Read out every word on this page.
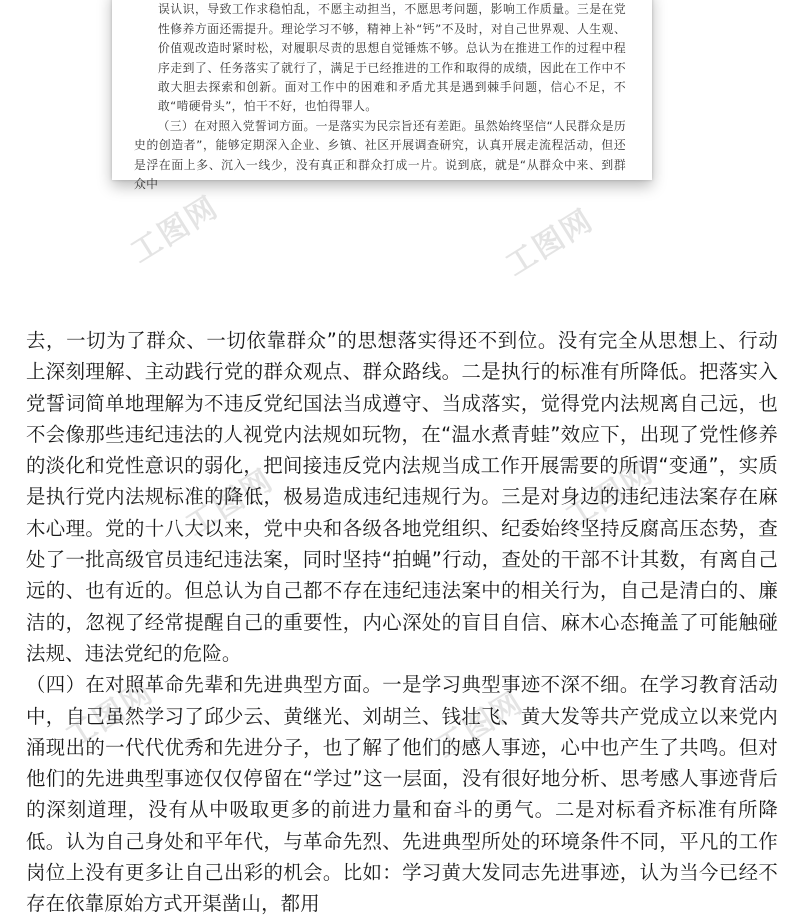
误认识，导致工作求稳怕乱，不愿主动担当，不愿思考问题，影响工作质量。三是在党性修养方面还需提升。理论学习不够，精神上补“钙”不及时，对自己世界观、人生观、价值观改造时紧时松，对履职尽责的思想自觉锤炼不够。总认为在推进工作的过程中程序走到了、任务落实了就行了，满足于已经推进的工作和取得的成绩，因此在工作中不敢大胆去探索和创新。面对工作中的困难和矛盾尤其是遇到棘手问题，信心不足，不敢“啃硬骨头”，怕干不好，也怕得罪人。

（三）在对照入党誓词方面。一是落实为民宗旨还有差距。虽然始终坚信“人民群众是历史的创造者”，能够定期深入企业、乡镇、社区开展调查研究，认真开展走流程活动，但还是浮在面上多、沉入一线少，没有真正和群众打成一片。说到底，就是“从群众中来、到群众中

工图网	工图网
工图网	工图网
工图网	工图网

去，一切为了群众、一切依靠群众”的思想落实得还不到位。没有完全从思想上、行动上深刻理解、主动践行党的群众观点、群众路线。二是执行的标准有所降低。把落实入党誓词简单地理解为不违反党纪国法当成遵守、当成落实，觉得党内法规离自己远，也不会像那些违纪违法的人视党内法规如玩物，在“温水煮青蛙”效应下，出现了党性修养的淡化和党性意识的弱化，把间接违反党内法规当成工作开展需要的所谓“变通”，实质是执行党内法规标准的降低，极易造成违纪违规行为。三是对身边的违纪违法案存在麻木心理。党的十八大以来，党中央和各级各地党组织、纪委始终坚持反腐高压态势，查处了一批高级官员违纪违法案，同时坚持“拍蝇”行动，查处的干部不计其数，有离自己远的、也有近的。但总认为自己都不存在违纪违法案中的相关行为，自己是清白的、廉洁的，忽视了经常提醒自己的重要性，内心深处的盲目自信、麻木心态掩盖了可能触碰法规、违法党纪的危险。

（四）在对照革命先辈和先进典型方面。一是学习典型事迹不深不细。在学习教育活动中，自己虽然学习了邱少云、黄继光、刘胡兰、钱壮飞、黄大发等共产党成立以来党内涌现出的一代代优秀和先进分子，也了解了他们的感人事迹，心中也产生了共鸣。但对他们的先进典型事迹仅仅停留在“学过”这一层面，没有很好地分析、思考感人事迹背后的深刻道理，没有从中吸取更多的前进力量和奋斗的勇气。二是对标看齐标准有所降低。认为自己身处和平年代，与革命先烈、先进典型所处的环境条件不同，平凡的工作岗位上没有更多让自己出彩的机会。比如：学习黄大发同志先进事迹，认为当今已经不存在依靠原始方式开渠凿山，都用
